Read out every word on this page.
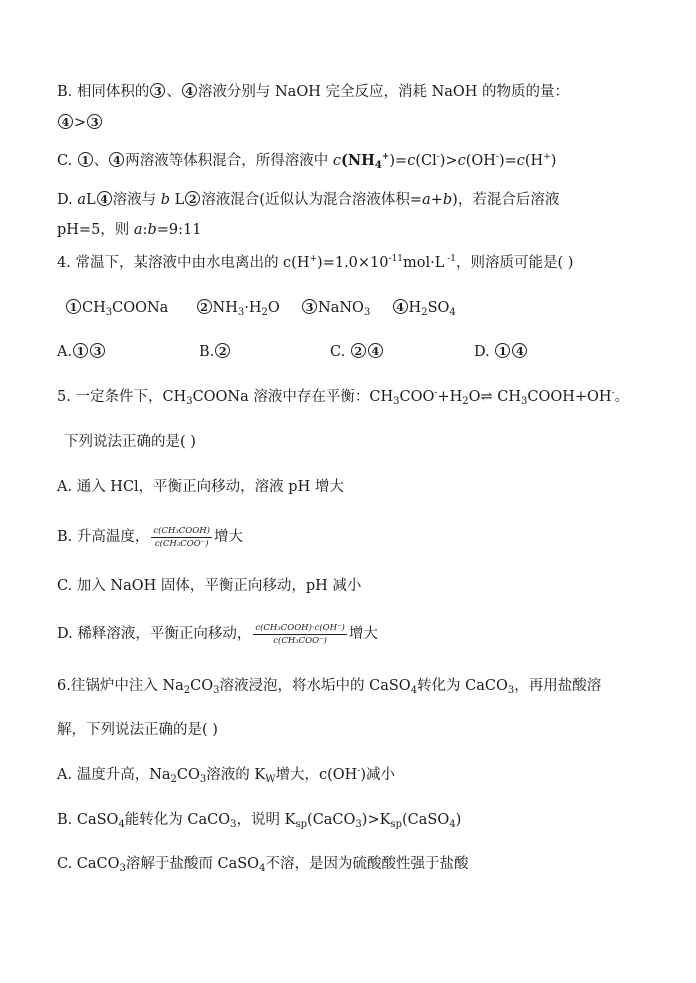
B. 相同体积的 3 、 4 溶液分别与 NaOH 完全反应，消耗 NaOH 的物质的量：
4 > 3
C. 1 、 4 两溶液等体积混合，所得溶液中 $c(NH_4^+)=c(Cl^-)>c(OH^-)=c(H^+)$
D. aL 4 溶液与 b L 2 溶液混合(近似认为混合溶液体积=a+b)，若混合后溶液
pH=5，则 a:b=9:11
4. 常温下，某溶液中由水电离出的 $c(H^+)=1.0\times 10^{-11}mol\cdot L$ $^{-1}$，则溶质可能是( )
1 $CH_3COONa$	2 $NH_3\cdot H_2O$ 3 NaNO$_3$ 4 $H_2SO_4$
A. 1 3	B. 2	C. 2 4	D. 1 4
5. 一定条件下，$CH_3COONa$ 溶液中存在平衡：$CH_3COO^-+H_2O\rightleftharpoons$ $CH_3COOH+OH^-$。
下列说法正确的是( )
A. 通入 HCl，平衡正向移动，溶液 pH 增大
B. 升高温度， $\frac{\text{c(CH₃COOH)}}{\text{c(CH₃COO⁻)}}$ 增大
C. 加入 NaOH 固体，平衡正向移动，pH 减小
D. 稀释溶液，平衡正向移动， $\frac{\text{c(CH₃COOH)·c(OH⁻)}}{\text{c(CH₃COO⁻)}}$ 增大
6.往锅炉中注入 $Na_2CO_3$溶液浸泡，将水垢中的 CaSO$_4$转化为 CaCO$_3$，再用盐酸溶
解，下列说法正确的是( )
A. 温度升高，$Na_2CO_3$溶液的 $K_W$增大，c(OH-)减小
B. CaSO$_4$能转化为 CaCO$_3$，说明 $K_{sp}(CaCO_3)>K_{sp}(CaSO_4)$
C. CaCO$_3$溶解于盐酸而 CaSO$_4$不溶，是因为硫酸酸性强于盐酸
